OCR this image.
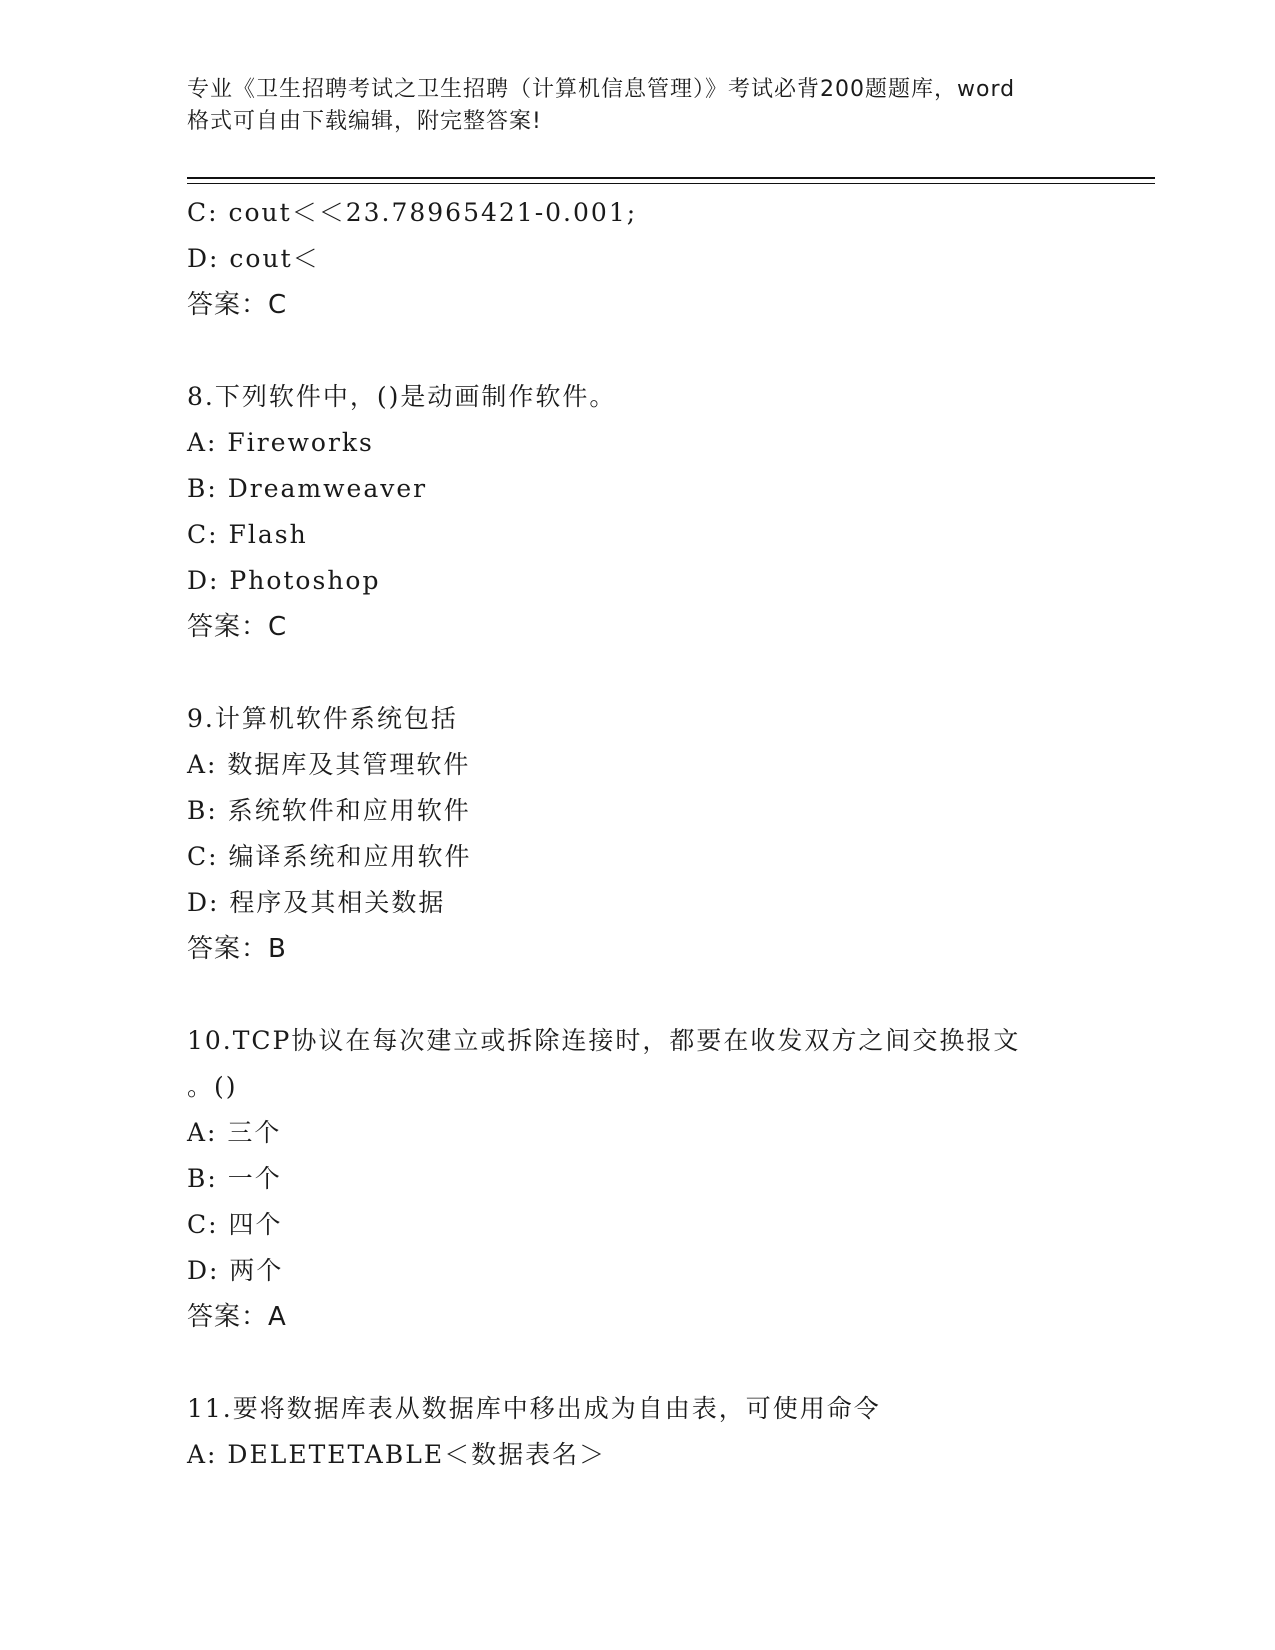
专业《卫生招聘考试之卫生招聘（计算机信息管理）》考试必背200题题库，word
格式可自由下载编辑，附完整答案!
C: cout＜＜23.78965421-0.001;
D: cout＜
答案：C
8.下列软件中，()是动画制作软件。
A: Fireworks
B: Dreamweaver
C: Flash
D: Photoshop
答案：C
9.计算机软件系统包括
A: 数据库及其管理软件
B: 系统软件和应用软件
C: 编译系统和应用软件
D: 程序及其相关数据
答案：B
10.TCP协议在每次建立或拆除连接时，都要在收发双方之间交换报文
。()
A: 三个
B: 一个
C: 四个
D: 两个
答案：A
11.要将数据库表从数据库中移出成为自由表，可使用命令
A: DELETETABLE＜数据表名＞
